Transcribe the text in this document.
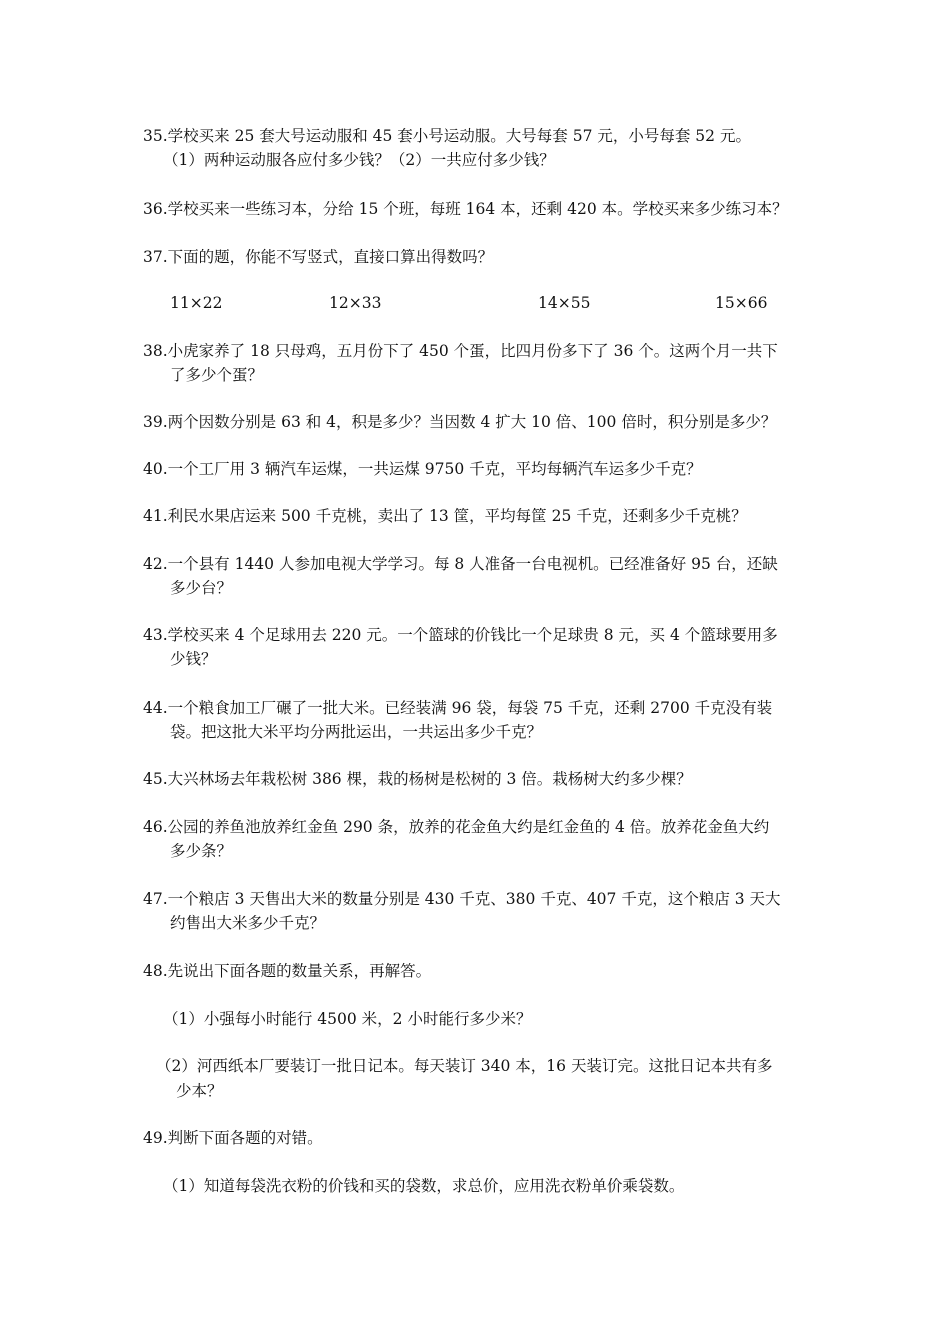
35.学校买来 25 套大号运动服和 45 套小号运动服。大号每套 57 元，小号每套 52 元。
（1）两种运动服各应付多少钱？（2）一共应付多少钱？
36.学校买来一些练习本，分给 15 个班，每班 164 本，还剩 420 本。学校买来多少练习本？
37.下面的题，你能不写竖式，直接口算出得数吗？
11×22	12×33	14×55	15×66
38.小虎家养了 18 只母鸡，五月份下了 450 个蛋，比四月份多下了 36 个。这两个月一共下
了多少个蛋？
39.两个因数分别是 63 和 4，积是多少？当因数 4 扩大 10 倍、100 倍时，积分别是多少？
40.一个工厂用 3 辆汽车运煤，一共运煤 9750 千克，平均每辆汽车运多少千克？
41.利民水果店运来 500 千克桃，卖出了 13 筐，平均每筐 25 千克，还剩多少千克桃？
42.一个县有 1440 人参加电视大学学习。每 8 人准备一台电视机。已经准备好 95 台，还缺
多少台？
43.学校买来 4 个足球用去 220 元。一个篮球的价钱比一个足球贵 8 元，买 4 个篮球要用多
少钱？
44.一个粮食加工厂碾了一批大米。已经装满 96 袋，每袋 75 千克，还剩 2700 千克没有装
袋。把这批大米平均分两批运出，一共运出多少千克？
45.大兴林场去年栽松树 386 棵，栽的杨树是松树的 3 倍。栽杨树大约多少棵？
46.公园的养鱼池放养红金鱼 290 条，放养的花金鱼大约是红金鱼的 4 倍。放养花金鱼大约
多少条？
47.一个粮店 3 天售出大米的数量分别是 430 千克、380 千克、407 千克，这个粮店 3 天大
约售出大米多少千克？
48.先说出下面各题的数量关系，再解答。
（1）小强每小时能行 4500 米，2 小时能行多少米？
（2）河西纸本厂要装订一批日记本。每天装订 340 本，16 天装订完。这批日记本共有多
少本？
49.判断下面各题的对错。
（1）知道每袋洗衣粉的价钱和买的袋数，求总价，应用洗衣粉单价乘袋数。
